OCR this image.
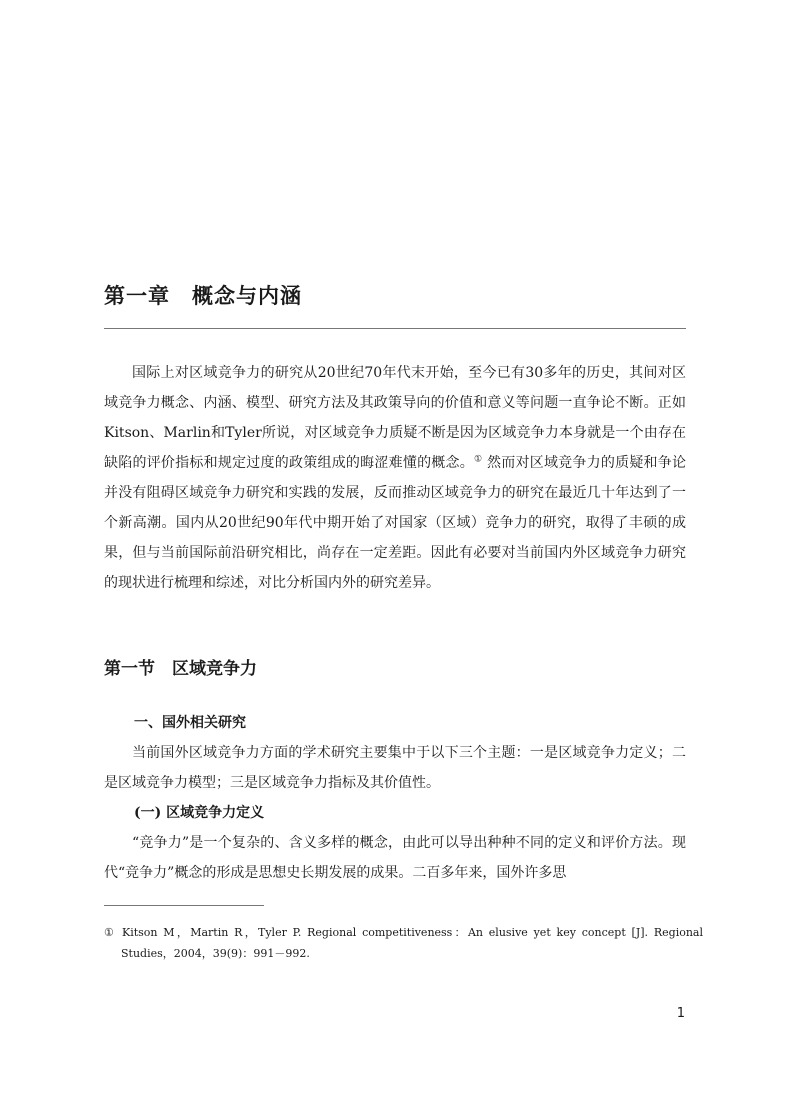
第一章　概念与内涵

国际上对区域竞争力的研究从20世纪70年代末开始，至今已有30多年的历史，其间对区域竞争力概念、内涵、模型、研究方法及其政策导向的价值和意义等问题一直争论不断。正如Kitson、Marlin和Tyler所说，对区域竞争力质疑不断是因为区域竞争力本身就是一个由存在缺陷的评价指标和规定过度的政策组成的晦涩难懂的概念。① 然而对区域竞争力的质疑和争论并没有阻碍区域竞争力研究和实践的发展，反而推动区域竞争力的研究在最近几十年达到了一个新高潮。国内从20世纪90年代中期开始了对国家（区域）竞争力的研究，取得了丰硕的成果，但与当前国际前沿研究相比，尚存在一定差距。因此有必要对当前国内外区域竞争力研究的现状进行梳理和综述，对比分析国内外的研究差异。

第一节　区域竞争力
一、国外相关研究

当前国外区域竞争力方面的学术研究主要集中于以下三个主题：一是区域竞争力定义；二是区域竞争力模型；三是区域竞争力指标及其价值性。

(一) 区域竞争力定义

“竞争力”是一个复杂的、含义多样的概念，由此可以导出种种不同的定义和评价方法。现代“竞争力”概念的形成是思想史长期发展的成果。二百多年来，国外许多思

① Kitson M，Martin R，Tyler P. Regional competitiveness：An elusive yet key concept [J]. Regional Studies，2004，39(9)：991－992.

1
